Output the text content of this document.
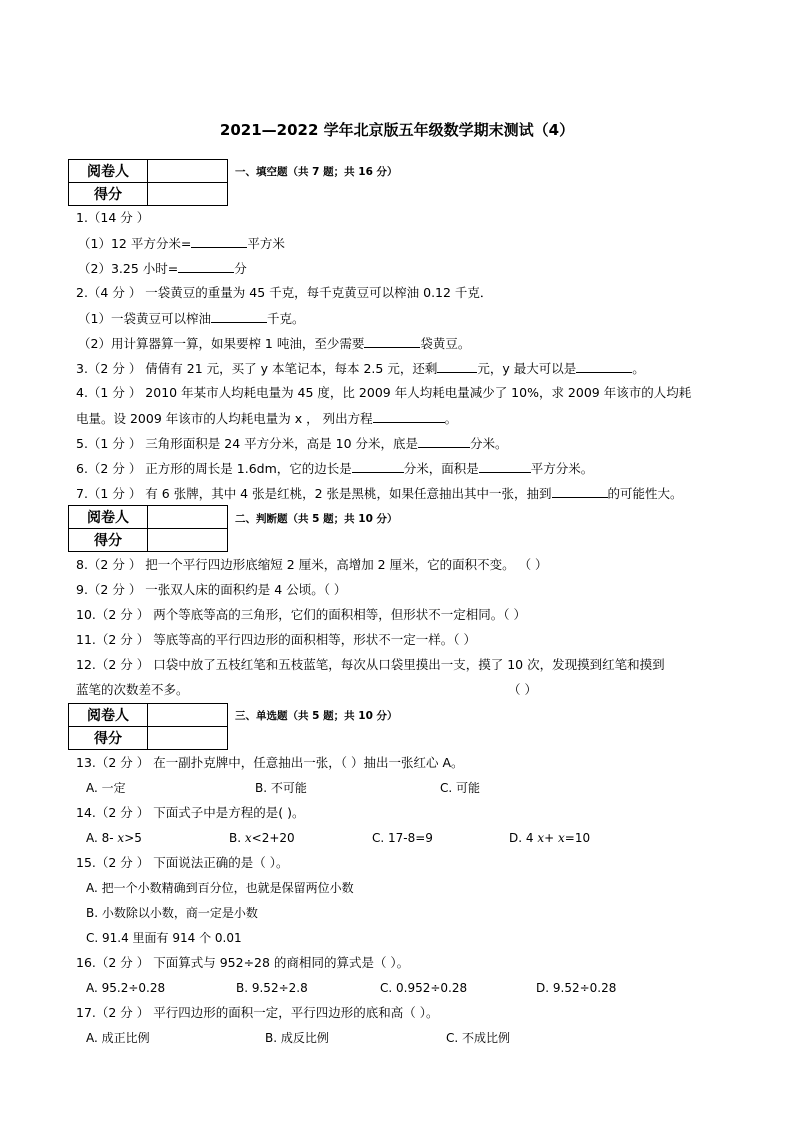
2021—2022 学年北京版五年级数学期末测试（4）
阅卷人	
得分	
一、填空题（共 7 题；共 16 分）
1.（14 分 ）
（1）12 平方分米=	平方米
（2）3.25 小时=	分
2.（4 分 ） 一袋黄豆的重量为 45 千克，每千克黄豆可以榨油 0.12 千克．
（1）一袋黄豆可以榨油	千克。
（2）用计算器算一算，如果要榨 1 吨油，至少需要	袋黄豆。
3.（2 分 ） 倩倩有 21 元，买了 y 本笔记本，每本 2.5 元，还剩	元，y 最大可以是	。
4.（1 分 ） 2010 年某市人均耗电量为 45 度，比 2009 年人均耗电量减少了 10%，求 2009 年该市的人均耗
电量。设 2009 年该市的人均耗电量为 x ， 列出方程	。
5.（1 分 ） 三角形面积是 24 平方分米，高是 10 分米，底是	分米。
6.（2 分 ） 正方形的周长是 1.6dm，它的边长是	分米，面积是	平方分米。
7.（1 分 ） 有 6 张牌，其中 4 张是红桃，2 张是黑桃，如果任意抽出其中一张，抽到	的可能性大。
阅卷人	
得分	
二、判断题（共 5 题；共 10 分）
8.（2 分 ） 把一个平行四边形底缩短 2 厘米，高增加 2 厘米，它的面积不变。 （ ）
9.（2 分 ） 一张双人床的面积约是 4 公顷。（ ）
10.（2 分 ） 两个等底等高的三角形，它们的面积相等，但形状不一定相同。（ ）
11.（2 分 ） 等底等高的平行四边形的面积相等，形状不一定一样。（ ）
12.（2 分 ） 口袋中放了五枝红笔和五枝蓝笔，每次从口袋里摸出一支，摸了 10 次，发现摸到红笔和摸到
蓝笔的次数差不多。	（ ）
阅卷人	
得分	
三、单选题（共 5 题；共 10 分）
13.（2 分 ） 在一副扑克牌中，任意抽出一张，（ ）抽出一张红心 A。
A. 一定	B. 不可能	C. 可能
14.（2 分 ） 下面式子中是方程的是( )。
A. 8- x>5	B. x<2+20	C. 17-8=9	D. 4 x+ x=10
15.（2 分 ） 下面说法正确的是（ ）。
A. 把一个小数精确到百分位，也就是保留两位小数
B. 小数除以小数，商一定是小数
C. 91.4 里面有 914 个 0.01
16.（2 分 ） 下面算式与 952÷28 的商相同的算式是（ ）。
A. 95.2÷0.28	B. 9.52÷2.8	C. 0.952÷0.28	D. 9.52÷0.28
17.（2 分 ） 平行四边形的面积一定，平行四边形的底和高（ ）。
A. 成正比例	B. 成反比例	C. 不成比例
